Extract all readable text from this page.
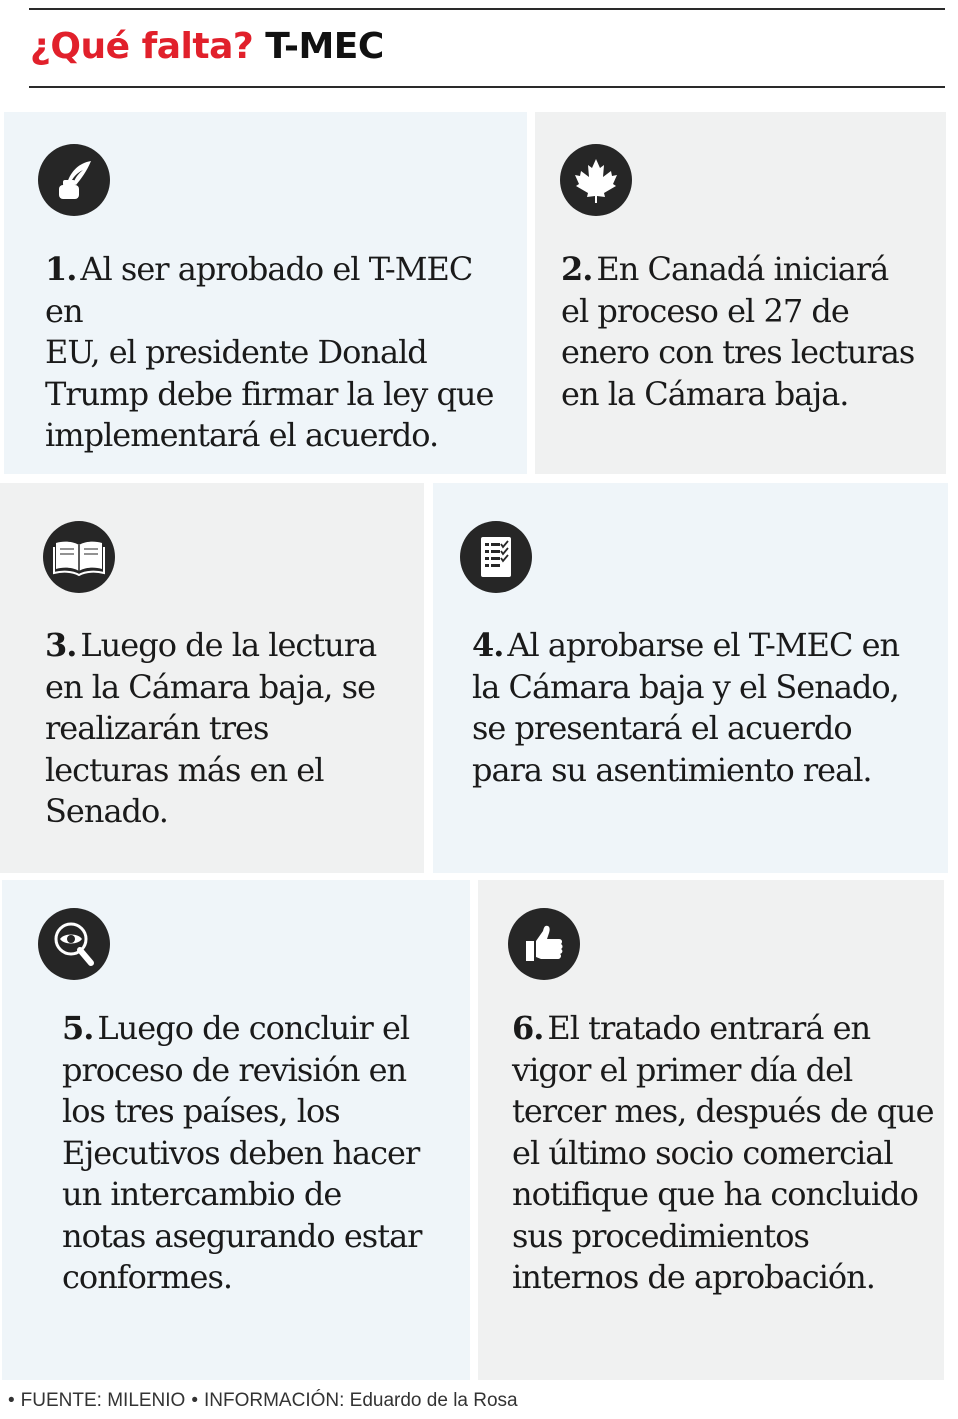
¿Qué falta? T-MEC
1. Al ser aprobado el T-MEC en
EU, el presidente Donald
Trump debe firmar la ley que
implementará el acuerdo.
2. En Canadá iniciará
el proceso el 27 de
enero con tres lecturas
en la Cámara baja.
3. Luego de la lectura
en la Cámara baja, se
realizarán tres
lecturas más en el
Senado.
4. Al aprobarse el T-MEC en
la Cámara baja y el Senado,
se presentará el acuerdo
para su asentimiento real.
5. Luego de concluir el
proceso de revisión en
los tres países, los
Ejecutivos deben hacer
un intercambio de
notas asegurando estar
conformes.
6. El tratado entrará en
vigor el primer día del
tercer mes, después de que
el último socio comercial
notifique que ha concluido
sus procedimientos
internos de aprobación.
• FUENTE: MILENIO • INFORMACIÓN: Eduardo de la Rosa
